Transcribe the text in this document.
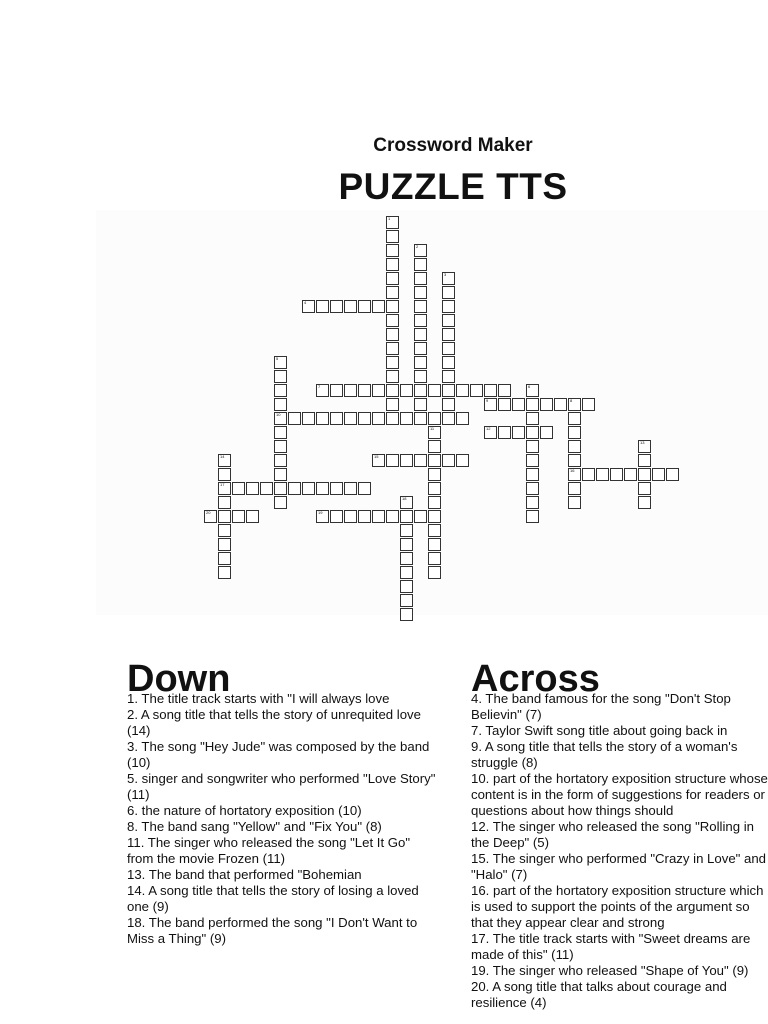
Crossword Maker
PUZZLE TTS
1
2
3
4
5
10
6
7
8
16
9
11	12
13
14
17
15
18
19
20
Down	Across

1. The title track starts with "I will always love

2. A song title that tells the story of unrequited love (14)

3. The song "Hey Jude" was composed by the band (10)

5. singer and songwriter who performed "Love Story" (11)

6. the nature of hortatory exposition (10)

8. The band sang "Yellow" and "Fix You" (8)

11. The singer who released the song "Let It Go" from the movie Frozen (11)

13. The band that performed "Bohemian

14. A song title that tells the story of losing a loved one (9)

18. The band performed the song "I Don't Want to Miss a Thing" (9)

4. The band famous for the song "Don't Stop Believin" (7)

7. Taylor Swift song title about going back in

9. A song title that tells the story of a woman's struggle (8)

10. part of the hortatory exposition structure whose content is in the form of suggestions for readers or questions about how things should

12. The singer who released the song "Rolling in the Deep" (5)

15. The singer who performed "Crazy in Love" and "Halo" (7)

16. part of the hortatory exposition structure which is used to support the points of the argument so that they appear clear and strong

17. The title track starts with "Sweet dreams are made of this" (11)

19. The singer who released "Shape of You" (9)

20. A song title that talks about courage and resilience (4)
